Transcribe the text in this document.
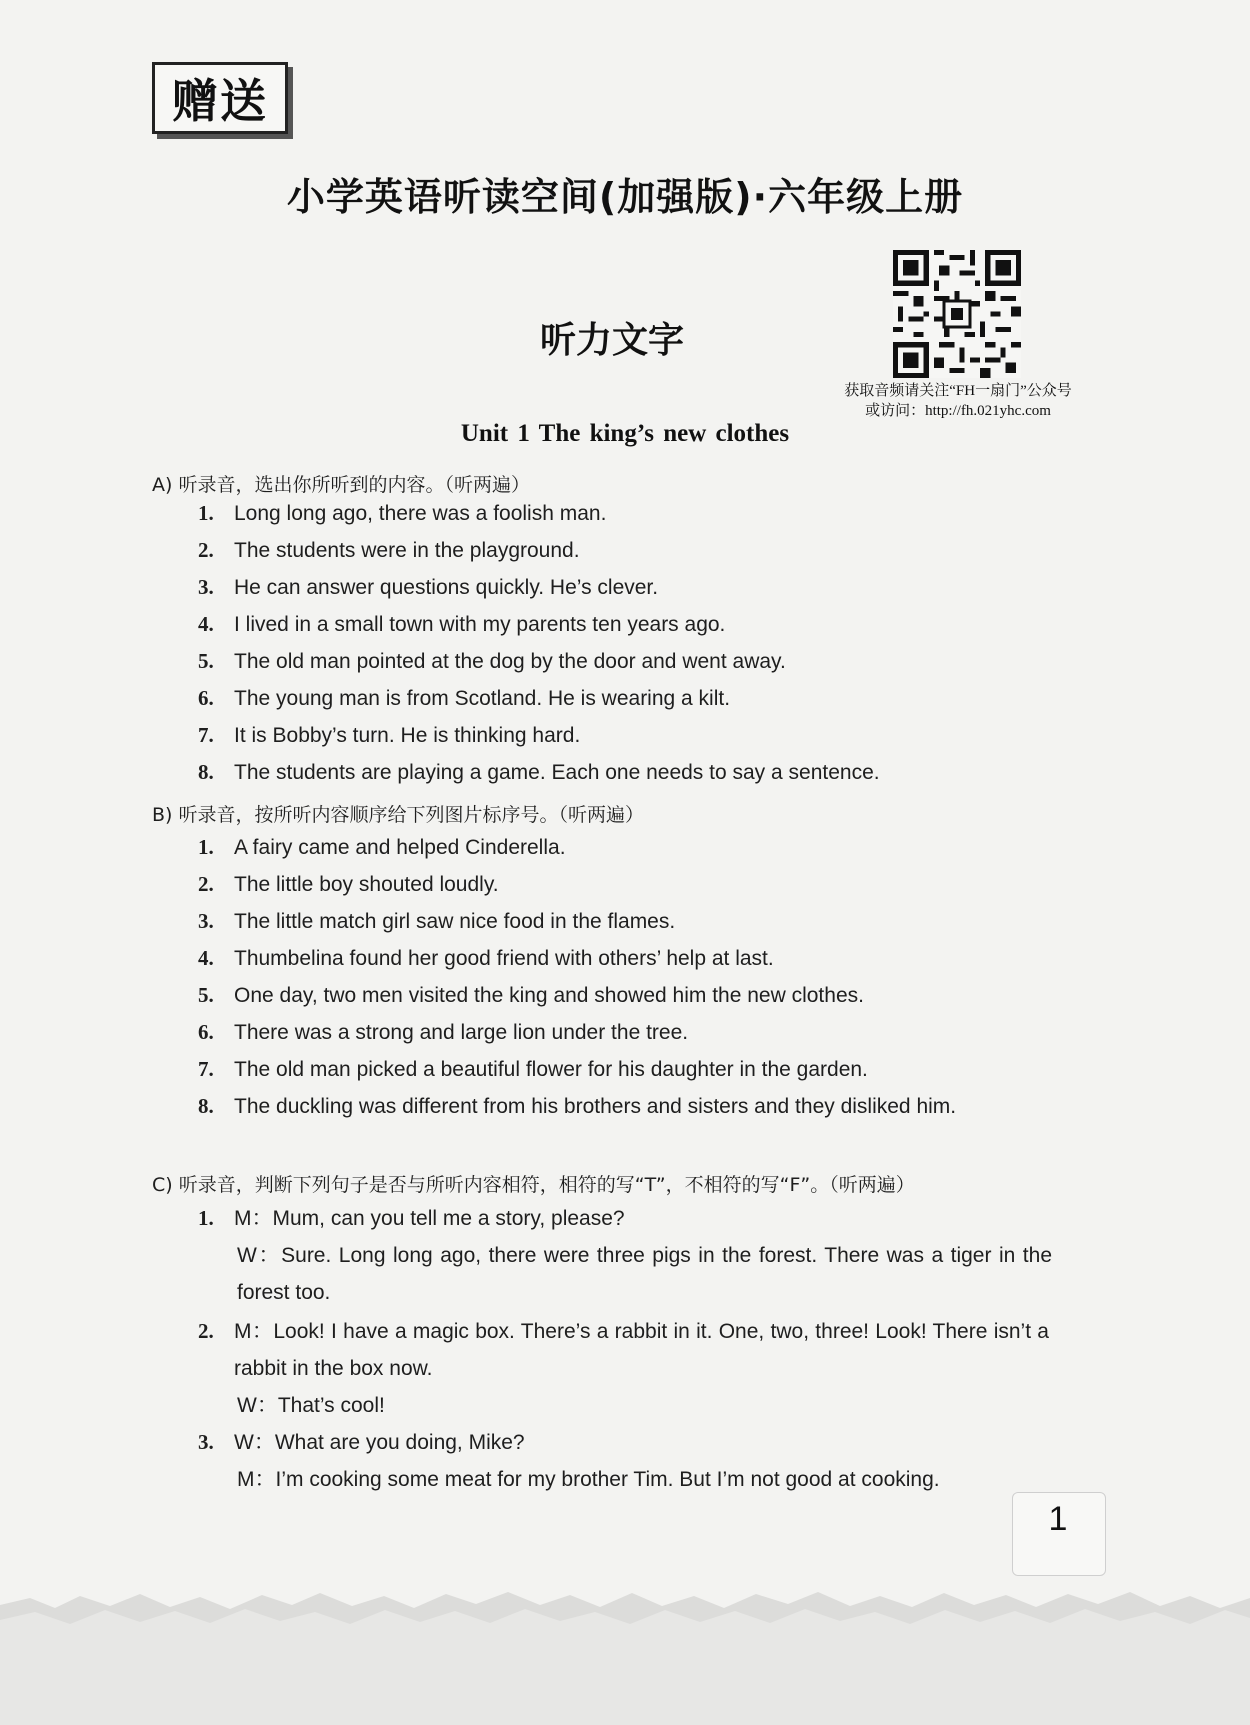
赠送
小学英语听读空间(加强版)·六年级上册
听力文字
获取音频请关注“FH一扇门”公众号
或访问：http://fh.021yhc.com
Unit 1 The king’s new clothes
A) 听录音，选出你所听到的内容。（听两遍）
1. Long long ago, there was a foolish man.
2. The students were in the playground.
3. He can answer questions quickly. He’s clever.
4. I lived in a small town with my parents ten years ago.
5. The old man pointed at the dog by the door and went away.
6. The young man is from Scotland. He is wearing a kilt.
7. It is Bobby’s turn. He is thinking hard.
8. The students are playing a game. Each one needs to say a sentence.
B) 听录音，按所听内容顺序给下列图片标序号。（听两遍）
1. A fairy came and helped Cinderella.
2. The little boy shouted loudly.
3. The little match girl saw nice food in the flames.
4. Thumbelina found her good friend with others’ help at last.
5. One day, two men visited the king and showed him the new clothes.
6. There was a strong and large lion under the tree.
7. The old man picked a beautiful flower for his daughter in the garden.
8. The duckling was different from his brothers and sisters and they disliked him.
C) 听录音，判断下列句子是否与所听内容相符，相符的写“T”，不相符的写“F”。（听两遍）
1. M：Mum, can you tell me a story, please?
W：Sure. Long long ago, there were three pigs in the forest. There was a tiger in the forest too.
2. M：Look! I have a magic box. There’s a rabbit in it. One, two, three! Look! There isn’t a rabbit in the box now.
W：That’s cool!
3. W：What are you doing, Mike?
M：I’m cooking some meat for my brother Tim. But I’m not good at cooking.
1
